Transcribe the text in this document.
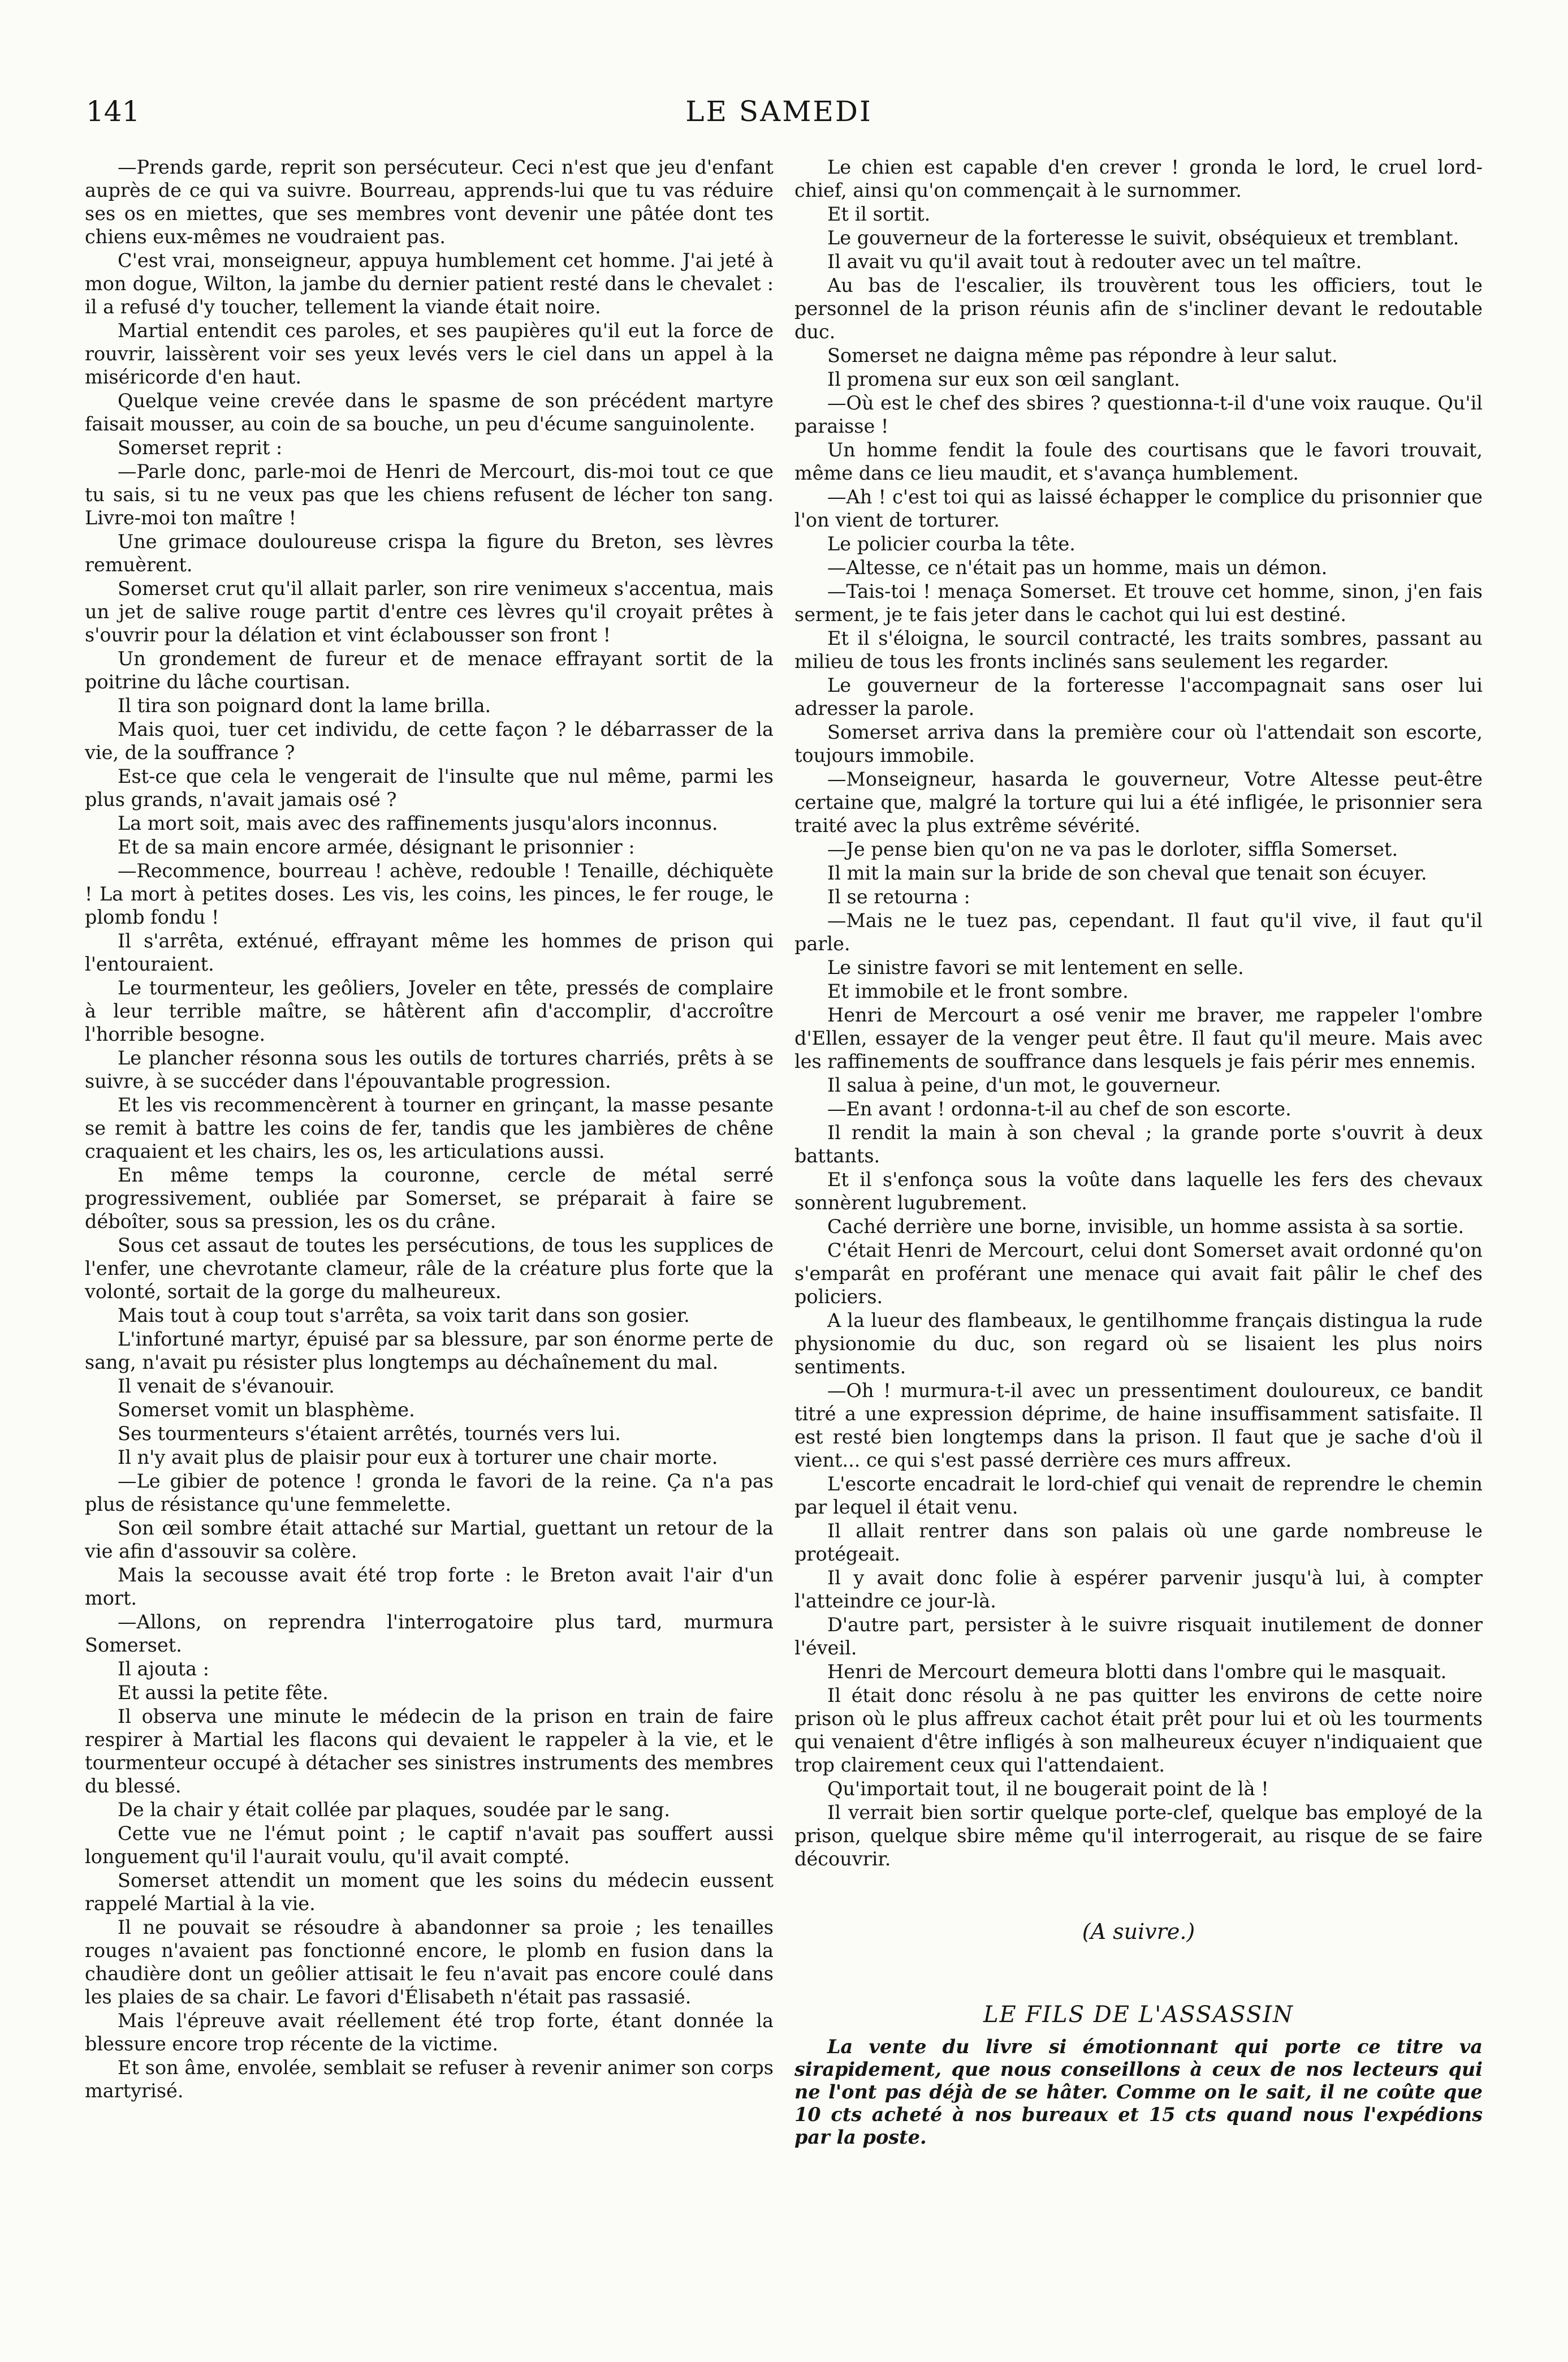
141	LE SAMEDI

—Prends garde, reprit son persécuteur. Ceci n'est que jeu d'enfant auprès de ce qui va suivre. Bourreau, apprends-lui que tu vas réduire ses os en miettes, que ses membres vont devenir une pâtée dont tes chiens eux-mêmes ne voudraient pas.

C'est vrai, monseigneur, appuya humblement cet homme. J'ai jeté à mon dogue, Wilton, la jambe du dernier patient resté dans le chevalet : il a refusé d'y toucher, tellement la viande était noire.

Martial entendit ces paroles, et ses paupières qu'il eut la force de rouvrir, laissèrent voir ses yeux levés vers le ciel dans un appel à la miséricorde d'en haut.

Quelque veine crevée dans le spasme de son précédent martyre faisait mousser, au coin de sa bouche, un peu d'écume sanguinolente.

Somerset reprit :

—Parle donc, parle-moi de Henri de Mercourt, dis-moi tout ce que tu sais, si tu ne veux pas que les chiens refusent de lécher ton sang. Livre-moi ton maître !

Une grimace douloureuse crispa la figure du Breton, ses lèvres remuèrent.

Somerset crut qu'il allait parler, son rire venimeux s'accentua, mais un jet de salive rouge partit d'entre ces lèvres qu'il croyait prêtes à s'ouvrir pour la délation et vint éclabousser son front !

Un grondement de fureur et de menace effrayant sortit de la poitrine du lâche courtisan.

Il tira son poignard dont la lame brilla.

Mais quoi, tuer cet individu, de cette façon ? le débarrasser de la vie, de la souffrance ?

Est-ce que cela le vengerait de l'insulte que nul même, parmi les plus grands, n'avait jamais osé ?

La mort soit, mais avec des raffinements jusqu'alors inconnus.

Et de sa main encore armée, désignant le prisonnier :

—Recommence, bourreau ! achève, redouble ! Tenaille, déchiquète ! La mort à petites doses. Les vis, les coins, les pinces, le fer rouge, le plomb fondu !

Il s'arrêta, exténué, effrayant même les hommes de prison qui l'entouraient.

Le tourmenteur, les geôliers, Joveler en tête, pressés de complaire à leur terrible maître, se hâtèrent afin d'accomplir, d'accroître l'horrible besogne.

Le plancher résonna sous les outils de tortures charriés, prêts à se suivre, à se succéder dans l'épouvantable progression.

Et les vis recommencèrent à tourner en grinçant, la masse pesante se remit à battre les coins de fer, tandis que les jambières de chêne craquaient et les chairs, les os, les articulations aussi.

En même temps la couronne, cercle de métal serré progressivement, oubliée par Somerset, se préparait à faire se déboîter, sous sa pression, les os du crâne.

Sous cet assaut de toutes les persécutions, de tous les supplices de l'enfer, une chevrotante clameur, râle de la créature plus forte que la volonté, sortait de la gorge du malheureux.

Mais tout à coup tout s'arrêta, sa voix tarit dans son gosier.

L'infortuné martyr, épuisé par sa blessure, par son énorme perte de sang, n'avait pu résister plus longtemps au déchaînement du mal.

Il venait de s'évanouir.

Somerset vomit un blasphème.

Ses tourmenteurs s'étaient arrêtés, tournés vers lui.

Il n'y avait plus de plaisir pour eux à torturer une chair morte.

—Le gibier de potence ! gronda le favori de la reine. Ça n'a pas plus de résistance qu'une femmelette.

Son œil sombre était attaché sur Martial, guettant un retour de la vie afin d'assouvir sa colère.

Mais la secousse avait été trop forte : le Breton avait l'air d'un mort.

—Allons, on reprendra l'interrogatoire plus tard, murmura Somerset.

Il ajouta :

Et aussi la petite fête.

Il observa une minute le médecin de la prison en train de faire respirer à Martial les flacons qui devaient le rappeler à la vie, et le tourmenteur occupé à détacher ses sinistres instruments des membres du blessé.

De la chair y était collée par plaques, soudée par le sang.

Cette vue ne l'émut point ; le captif n'avait pas souffert aussi longuement qu'il l'aurait voulu, qu'il avait compté.

Somerset attendit un moment que les soins du médecin eussent rappelé Martial à la vie.

Il ne pouvait se résoudre à abandonner sa proie ; les tenailles rouges n'avaient pas fonctionné encore, le plomb en fusion dans la chaudière dont un geôlier attisait le feu n'avait pas encore coulé dans les plaies de sa chair. Le favori d'Élisabeth n'était pas rassasié.

Mais l'épreuve avait réellement été trop forte, étant donnée la blessure encore trop récente de la victime.

Et son âme, envolée, semblait se refuser à revenir animer son corps martyrisé.

Le chien est capable d'en crever ! gronda le lord, le cruel lord-chief, ainsi qu'on commençait à le surnommer.

Et il sortit.

Le gouverneur de la forteresse le suivit, obséquieux et tremblant.

Il avait vu qu'il avait tout à redouter avec un tel maître.

Au bas de l'escalier, ils trouvèrent tous les officiers, tout le personnel de la prison réunis afin de s'incliner devant le redoutable duc.

Somerset ne daigna même pas répondre à leur salut.

Il promena sur eux son œil sanglant.

—Où est le chef des sbires ? questionna-t-il d'une voix rauque. Qu'il paraisse !

Un homme fendit la foule des courtisans que le favori trouvait, même dans ce lieu maudit, et s'avança humblement.

—Ah ! c'est toi qui as laissé échapper le complice du prisonnier que l'on vient de torturer.

Le policier courba la tête.

—Altesse, ce n'était pas un homme, mais un démon.

—Tais-toi ! menaça Somerset. Et trouve cet homme, sinon, j'en fais serment, je te fais jeter dans le cachot qui lui est destiné.

Et il s'éloigna, le sourcil contracté, les traits sombres, passant au milieu de tous les fronts inclinés sans seulement les regarder.

Le gouverneur de la forteresse l'accompagnait sans oser lui adresser la parole.

Somerset arriva dans la première cour où l'attendait son escorte, toujours immobile.

—Monseigneur, hasarda le gouverneur, Votre Altesse peut-être certaine que, malgré la torture qui lui a été infligée, le prisonnier sera traité avec la plus extrême sévérité.

—Je pense bien qu'on ne va pas le dorloter, siffla Somerset.

Il mit la main sur la bride de son cheval que tenait son écuyer.

Il se retourna :

—Mais ne le tuez pas, cependant. Il faut qu'il vive, il faut qu'il parle.

Le sinistre favori se mit lentement en selle.

Et immobile et le front sombre.

Henri de Mercourt a osé venir me braver, me rappeler l'ombre d'Ellen, essayer de la venger peut être. Il faut qu'il meure. Mais avec les raffinements de souffrance dans lesquels je fais périr mes ennemis.

Il salua à peine, d'un mot, le gouverneur.

—En avant ! ordonna-t-il au chef de son escorte.

Il rendit la main à son cheval ; la grande porte s'ouvrit à deux battants.

Et il s'enfonça sous la voûte dans laquelle les fers des chevaux sonnèrent lugubrement.

Caché derrière une borne, invisible, un homme assista à sa sortie.

C'était Henri de Mercourt, celui dont Somerset avait ordonné qu'on s'emparât en proférant une menace qui avait fait pâlir le chef des policiers.

A la lueur des flambeaux, le gentilhomme français distingua la rude physionomie du duc, son regard où se lisaient les plus noirs sentiments.

—Oh ! murmura-t-il avec un pressentiment douloureux, ce bandit titré a une expression déprime, de haine insuffisamment satisfaite. Il est resté bien longtemps dans la prison. Il faut que je sache d'où il vient... ce qui s'est passé derrière ces murs affreux.

L'escorte encadrait le lord-chief qui venait de reprendre le chemin par lequel il était venu.

Il allait rentrer dans son palais où une garde nombreuse le protégeait.

Il y avait donc folie à espérer parvenir jusqu'à lui, à compter l'atteindre ce jour-là.

D'autre part, persister à le suivre risquait inutilement de donner l'éveil.

Henri de Mercourt demeura blotti dans l'ombre qui le masquait.

Il était donc résolu à ne pas quitter les environs de cette noire prison où le plus affreux cachot était prêt pour lui et où les tourments qui venaient d'être infligés à son malheureux écuyer n'indiquaient que trop clairement ceux qui l'attendaient.

Qu'importait tout, il ne bougerait point de là !

Il verrait bien sortir quelque porte-clef, quelque bas employé de la prison, quelque sbire même qu'il interrogerait, au risque de se faire découvrir.

(A suivre.)
LE FILS DE L'ASSASSIN
La vente du livre si émotionnant qui porte ce titre va sirapidement, que nous conseillons à ceux de nos lecteurs qui ne l'ont pas déjà de se hâter. Comme on le sait, il ne coûte que 10 cts acheté à nos bureaux et 15 cts quand nous l'expédions par la poste.
